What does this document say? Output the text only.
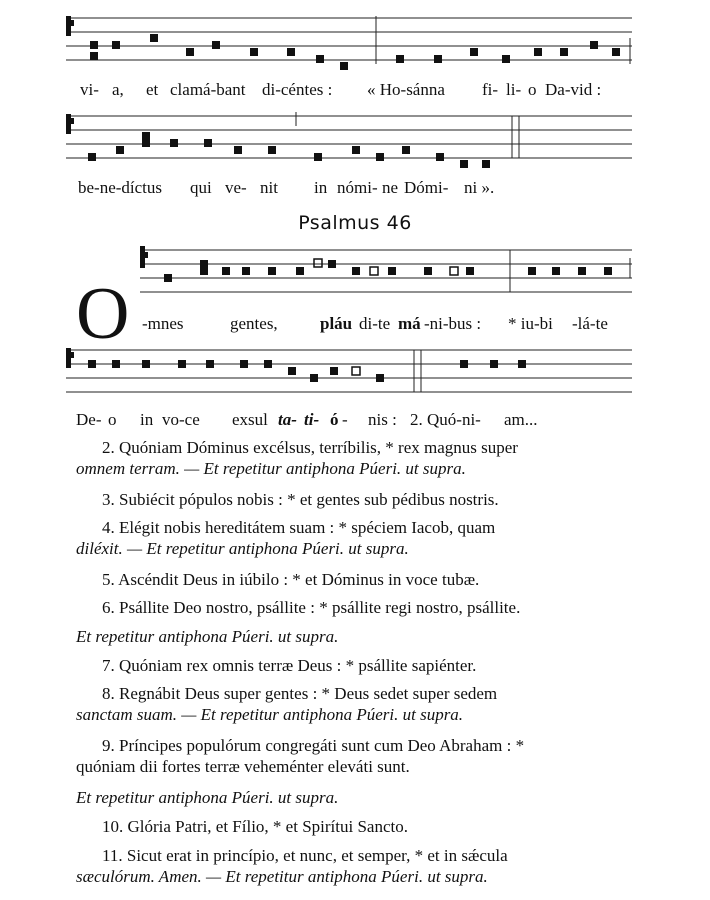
vi- a, et clamá-bant di-céntes : « Ho-sánna fi- li- o Da-vid :
be-ne-díctus qui ve- nit in nómi- ne Dómi- ni ».
Psalmus 46
O -mnes	gentes, pláu di-te má -ni-bus : * iu-bi -lá-te
De- o in vo-ce exsul ta- ti- ó - nis : 2. Quó-ni- am...
2. Quóniam Dóminus excélsus, terríbilis, * rex magnus super
omnem terram. — Et repetitur antiphona Púeri. ut supra.
3. Subiécit pópulos nobis : * et gentes sub pédibus nostris.
4. Elégit nobis hereditátem suam : * spéciem Iacob, quam
diléxit. — Et repetitur antiphona Púeri. ut supra.
5. Ascéndit Deus in iúbilo : * et Dóminus in voce tubæ.
6. Psállite Deo nostro, psállite : * psállite regi nostro, psállite.
Et repetitur antiphona Púeri. ut supra.
7. Quóniam rex omnis terræ Deus : * psállite sapiénter.
8. Regnábit Deus super gentes : * Deus sedet super sedem
sanctam suam. — Et repetitur antiphona Púeri. ut supra.
9. Príncipes populórum congregáti sunt cum Deo Abraham : *
quóniam dii fortes terræ veheménter eleváti sunt.
Et repetitur antiphona Púeri. ut supra.
10. Glória Patri, et Fílio, * et Spirítui Sancto.
11. Sicut erat in princípio, et nunc, et semper, * et in sǽcula
sæculórum. Amen. — Et repetitur antiphona Púeri. ut supra.
